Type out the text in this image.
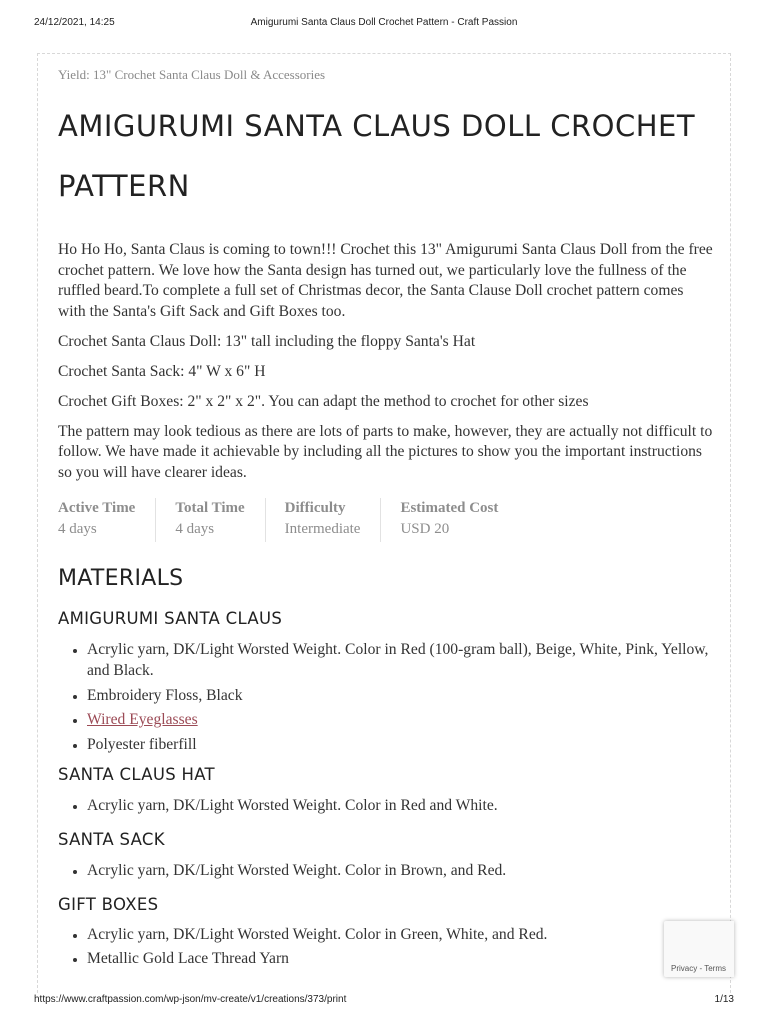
24/12/2021, 14:25	Amigurumi Santa Claus Doll Crochet Pattern - Craft Passion

Yield: 13" Crochet Santa Claus Doll & Accessories

AMIGURUMI SANTA CLAUS DOLL CROCHET PATTERN

Ho Ho Ho, Santa Claus is coming to town!!! Crochet this 13" Amigurumi Santa Claus Doll from the free crochet pattern. We love how the Santa design has turned out, we particularly love the fullness of the ruffled beard.To complete a full set of Christmas decor, the Santa Clause Doll crochet pattern comes with the Santa's Gift Sack and Gift Boxes too.

Crochet Santa Claus Doll: 13" tall including the floppy Santa's Hat

Crochet Santa Sack: 4" W x 6" H

Crochet Gift Boxes: 2" x 2" x 2". You can adapt the method to crochet for other sizes

The pattern may look tedious as there are lots of parts to make, however, they are actually not difficult to follow. We have made it achievable by including all the pictures to show you the important instructions so you will have clearer ideas.

Active Time
4 days
Total Time
4 days
Difficulty
Intermediate
Estimated Cost
USD 20
MATERIALS
AMIGURUMI SANTA CLAUS
• Acrylic yarn, DK/Light Worsted Weight. Color in Red (100-gram ball), Beige, White, Pink, Yellow, and Black.
• Embroidery Floss, Black
• Wired Eyeglasses
• Polyester fiberfill
SANTA CLAUS HAT
• Acrylic yarn, DK/Light Worsted Weight. Color in Red and White.
SANTA SACK
• Acrylic yarn, DK/Light Worsted Weight. Color in Brown, and Red.
GIFT BOXES
• Acrylic yarn, DK/Light Worsted Weight. Color in Green, White, and Red.
• Metallic Gold Lace Thread Yarn
Privacy - Terms
https://www.craftpassion.com/wp-json/mv-create/v1/creations/373/print	1/13
